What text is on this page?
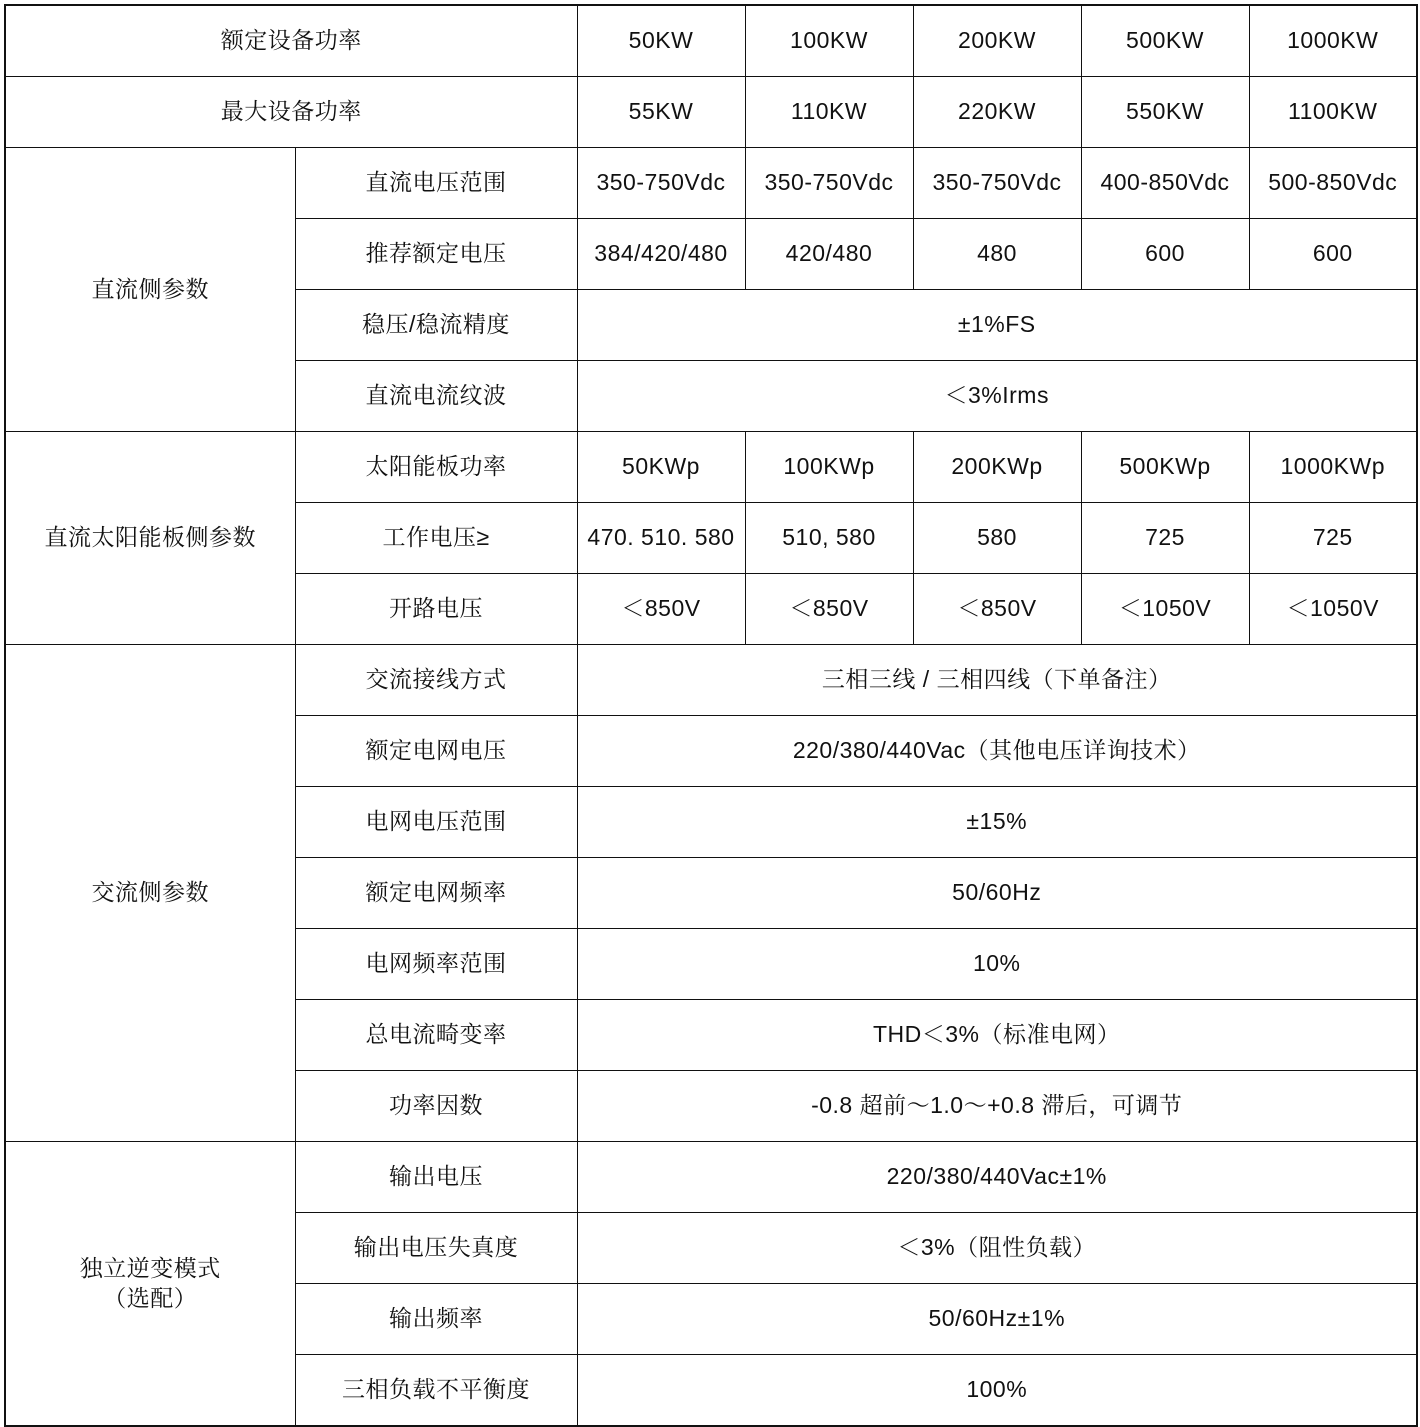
额定设备功率		50KW	100KW	200KW	500KW	1000KW
最大设备功率		55KW	110KW	220KW	550KW	1100KW
直流侧参数	直流电压范围	350-750Vdc	350-750Vdc	350-750Vdc	400-850Vdc	500-850Vdc
	推荐额定电压	384/420/480	420/480	480	600	600
	稳压/稳流精度	±1%FS				
	直流电流纹波	＜3%Irms				
直流太阳能板侧参数	太阳能板功率	50KWp	100KWp	200KWp	500KWp	1000KWp
	工作电压≥	470. 510. 580	510, 580	580	725	725
	开路电压	＜850V	＜850V	＜850V	＜1050V	＜1050V
交流侧参数	交流接线方式	三相三线 / 三相四线（下单备注）				
	额定电网电压	220/380/440Vac（其他电压详询技术）				
	电网电压范围	±15%				
	额定电网频率	50/60Hz				
	电网频率范围	10%				
	总电流畸变率	THD＜3%（标准电网）				
	功率因数	-0.8 超前～1.0～+0.8 滞后，可调节				

独立逆变模式
（选配）	输出电压	220/380/440Vac±1%				
	输出电压失真度	＜3%（阻性负载）				
	输出频率	50/60Hz±1%				
	三相负载不平衡度	100%				
